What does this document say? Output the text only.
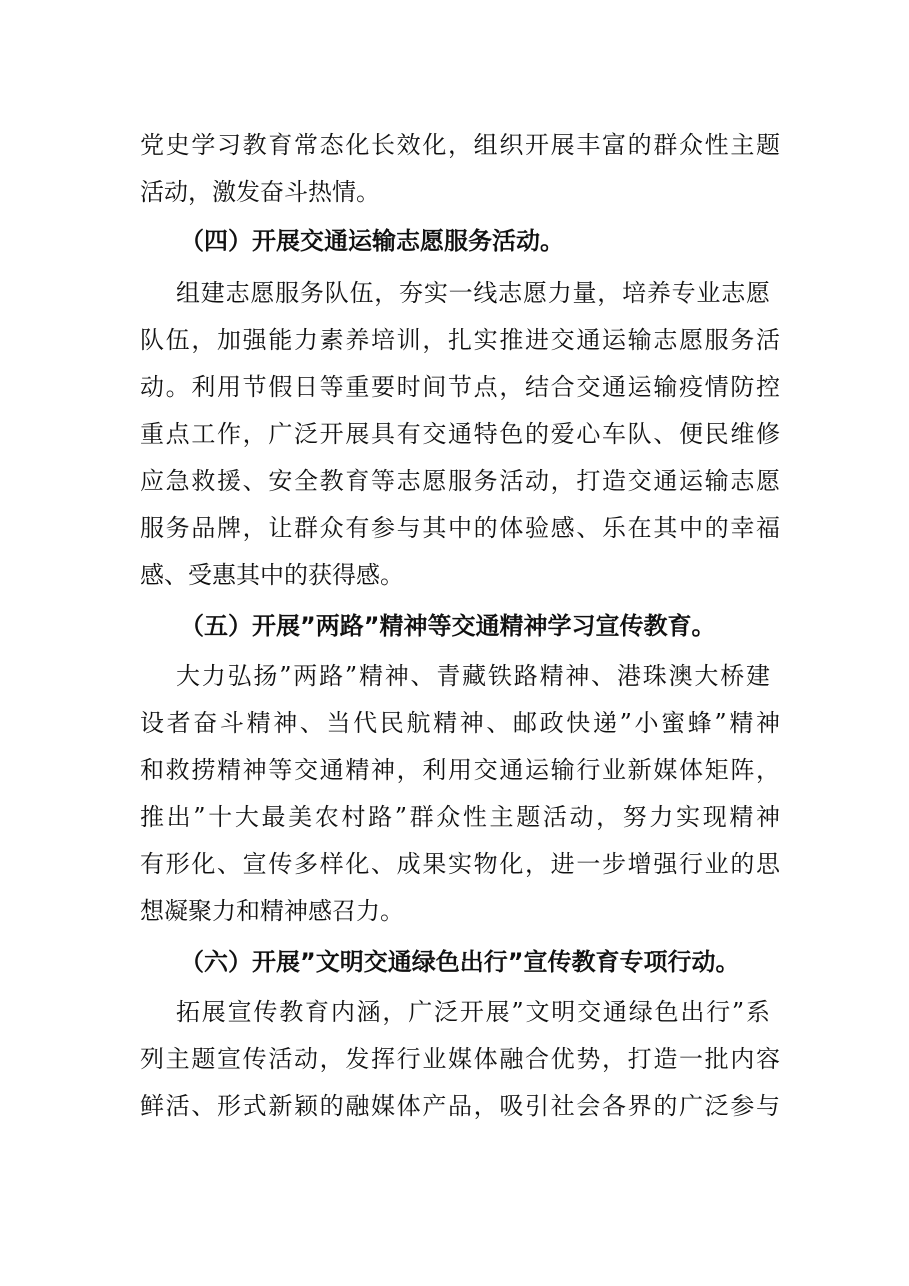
党史学习教育常态化长效化，组织开展丰富的群众性主题
活动，激发奋斗热情。
（四）开展交通运输志愿服务活动。
组建志愿服务队伍，夯实一线志愿力量，培养专业志愿
队伍，加强能力素养培训，扎实推进交通运输志愿服务活
动。利用节假日等重要时间节点，结合交通运输疫情防控
重点工作，广泛开展具有交通特色的爱心车队、便民维修
应急救援、安全教育等志愿服务活动，打造交通运输志愿
服务品牌，让群众有参与其中的体验感、乐在其中的幸福
感、受惠其中的获得感。
（五）开展”两路”精神等交通精神学习宣传教育。
大力弘扬”两路”精神、青藏铁路精神、港珠澳大桥建
设者奋斗精神、当代民航精神、邮政快递”小蜜蜂”精神
和救捞精神等交通精神，利用交通运输行业新媒体矩阵，
推出”十大最美农村路”群众性主题活动，努力实现精神
有形化、宣传多样化、成果实物化，进一步增强行业的思
想凝聚力和精神感召力。
（六）开展”文明交通绿色出行”宣传教育专项行动。
拓展宣传教育内涵，广泛开展”文明交通绿色出行”系
列主题宣传活动，发挥行业媒体融合优势，打造一批内容
鲜活、形式新颖的融媒体产品，吸引社会各界的广泛参与
